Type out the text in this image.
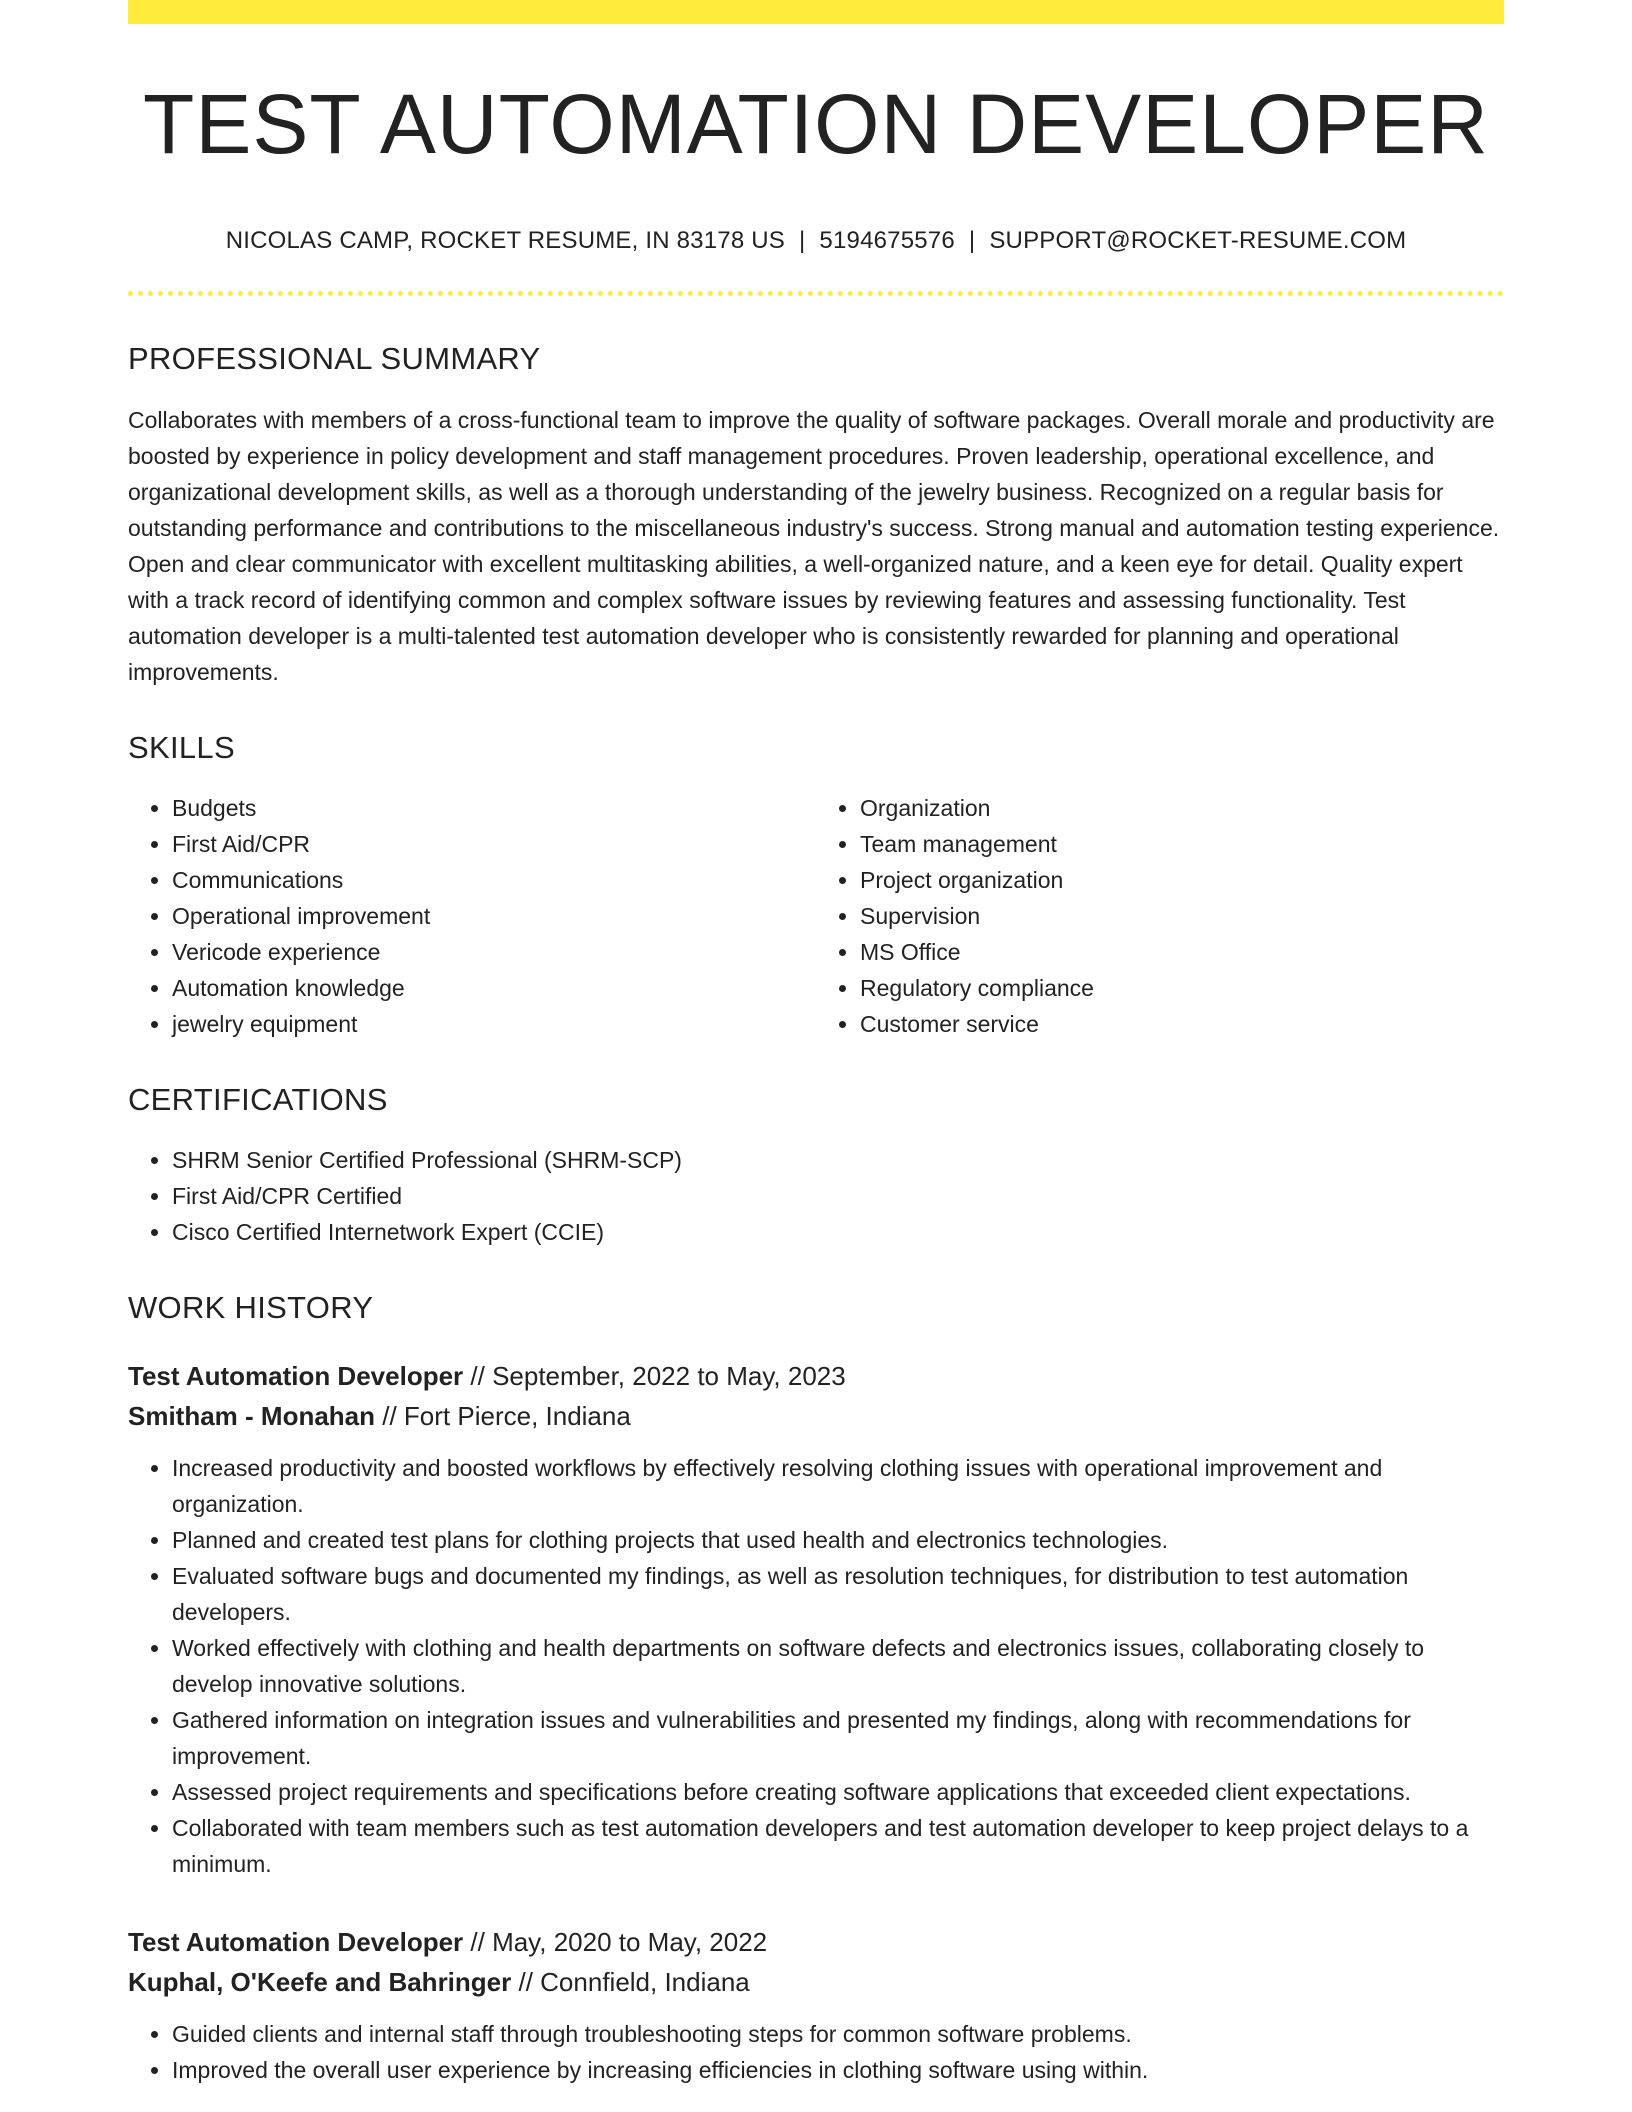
TEST AUTOMATION DEVELOPER
NICOLAS CAMP, ROCKET RESUME, IN 83178 US | 5194675576 | SUPPORT@ROCKET-RESUME.COM
PROFESSIONAL SUMMARY

Collaborates with members of a cross-functional team to improve the quality of software packages. Overall morale and productivity are boosted by experience in policy development and staff management procedures. Proven leadership, operational excellence, and organizational development skills, as well as a thorough understanding of the jewelry business. Recognized on a regular basis for outstanding performance and contributions to the miscellaneous industry's success. Strong manual and automation testing experience. Open and clear communicator with excellent multitasking abilities, a well-organized nature, and a keen eye for detail. Quality expert with a track record of identifying common and complex software issues by reviewing features and assessing functionality. Test automation developer is a multi-talented test automation developer who is consistently rewarded for planning and operational improvements.

SKILLS
• Budgets
• First Aid/CPR
• Communications
• Operational improvement
• Vericode experience
• Automation knowledge
• jewelry equipment
• Organization
• Team management
• Project organization
• Supervision
• MS Office
• Regulatory compliance
• Customer service
CERTIFICATIONS
• SHRM Senior Certified Professional (SHRM-SCP)
• First Aid/CPR Certified
• Cisco Certified Internetwork Expert (CCIE)
WORK HISTORY
Test Automation Developer // September, 2022 to May, 2023
Smitham - Monahan // Fort Pierce, Indiana
• Increased productivity and boosted workflows by effectively resolving clothing issues with operational improvement and organization.
• Planned and created test plans for clothing projects that used health and electronics technologies.
• Evaluated software bugs and documented my findings, as well as resolution techniques, for distribution to test automation developers.
• Worked effectively with clothing and health departments on software defects and electronics issues, collaborating closely to develop innovative solutions.
• Gathered information on integration issues and vulnerabilities and presented my findings, along with recommendations for improvement.
• Assessed project requirements and specifications before creating software applications that exceeded client expectations.
• Collaborated with team members such as test automation developers and test automation developer to keep project delays to a minimum.
Test Automation Developer // May, 2020 to May, 2022
Kuphal, O'Keefe and Bahringer // Connfield, Indiana
• Guided clients and internal staff through troubleshooting steps for common software problems.
• Improved the overall user experience by increasing efficiencies in clothing software using within.
